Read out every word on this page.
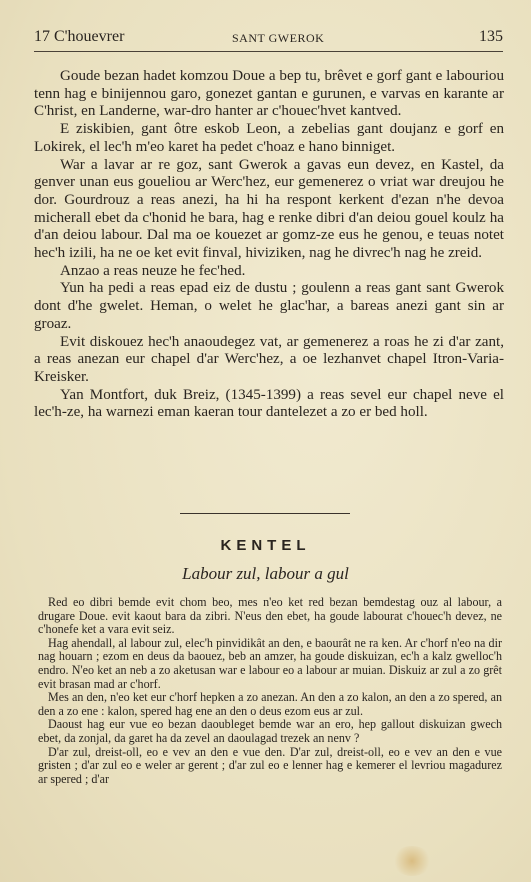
17 C'houevrer	SANT GWEROK	135

Goude bezan hadet komzou Doue a bep tu, brêvet e gorf gant e labouriou tenn hag e binijennou garo, gonezet gantan e gurunen, e varvas en karante ar C'hrist, en Landerne, war-dro hanter ar c'houec'hvet kantved.

E ziskibien, gant ôtre eskob Leon, a zebelias gant doujanz e gorf en Lokirek, el lec'h m'eo karet ha pedet c'hoaz e hano binniget.

War a lavar ar re goz, sant Gwerok a gavas eun devez, en Kastel, da genver unan eus goueliou ar Werc'hez, eur gemenerez o vriat war dreujou he dor. Gourdrouz a reas anezi, ha hi ha respont kerkent d'ezan n'he devoa micherall ebet da c'honid he bara, hag e renke dibri d'an deiou gouel koulz ha d'an deiou labour. Dal ma oe kouezet ar gomz-ze eus he genou, e teuas notet hec'h izili, ha ne oe ket evit finval, hiviziken, nag he divrec'h nag he zreid.

Anzao a reas neuze he fec'hed.

Yun ha pedi a reas epad eiz de dustu ; goulenn a reas gant sant Gwerok dont d'he gwelet. Heman, o welet he glac'har, a bareas anezi gant sin ar groaz.

Evit diskouez hec'h anaoudegez vat, ar gemenerez a roas he zi d'ar zant, a reas anezan eur chapel d'ar Werc'hez, a oe lezhanvet chapel Itron-Varia-Kreisker.

Yan Montfort, duk Breiz, (1345-1399) a reas sevel eur chapel neve el lec'h-ze, ha warnezi eman kaeran tour dantelezet a zo er bed holl.

KENTEL
Labour zul, labour a gul

Red eo dibri bemde evit chom beo, mes n'eo ket red bezan bemdestag ouz al labour, a drugare Doue. evit kaout bara da zibri. N'eus den ebet, ha goude labourat c'houec'h devez, ne c'honefe ket a vara evit seiz.

Hag ahendall, al labour zul, elec'h pinvidikât an den, e baourât ne ra ken. Ar c'horf n'eo na dir nag houarn ; ezom en deus da baouez, beb an amzer, ha goude diskuizan, ec'h a kalz gwelloc'h endro. N'eo ket an neb a zo aketusan war e labour eo a labour ar muian. Diskuiz ar zul a zo grêt evit brasan mad ar c'horf.

Mes an den, n'eo ket eur c'horf hepken a zo anezan. An den a zo kalon, an den a zo spered, an den a zo ene : kalon, spered hag ene an den o deus ezom eus ar zul.

Daoust hag eur vue eo bezan daoubleget bemde war an ero, hep gallout diskuizan gwech ebet, da zonjal, da garet ha da zevel an daoulagad trezek an nenv ?

D'ar zul, dreist-oll, eo e vev an den e vue den. D'ar zul, dreist-oll, eo e vev an den e vue gristen ; d'ar zul eo e weler ar gerent ; d'ar zul eo e lenner hag e kemerer el levriou magadurez ar spered ; d'ar
